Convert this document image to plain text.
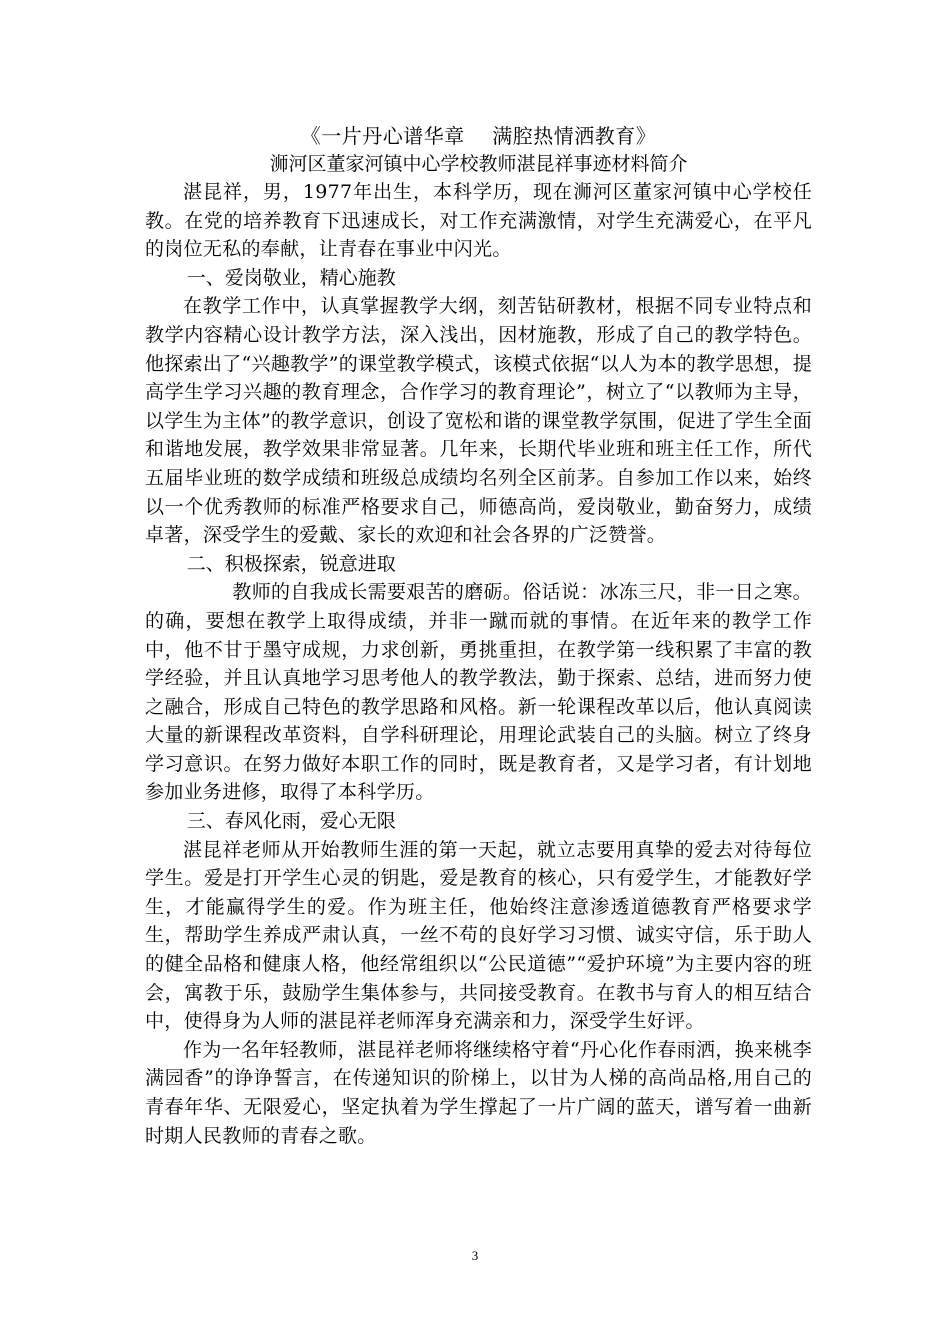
《一片丹心谱华章    满腔热情洒教育》

浉河区董家河镇中心学校教师湛昆祥事迹材料简介

湛昆祥，男，1977年出生，本科学历，现在浉河区董家河镇中心学校任教。在党的培养教育下迅速成长，对工作充满激情，对学生充满爱心，在平凡的岗位无私的奉献，让青春在事业中闪光。

一、爱岗敬业，精心施教

在教学工作中，认真掌握教学大纲，刻苦钻研教材，根据不同专业特点和教学内容精心设计教学方法，深入浅出，因材施教，形成了自己的教学特色。他探索出了“兴趣教学”的课堂教学模式，该模式依据“以人为本的教学思想，提高学生学习兴趣的教育理念，合作学习的教育理论”，树立了“以教师为主导，以学生为主体”的教学意识，创设了宽松和谐的课堂教学氛围，促进了学生全面和谐地发展，教学效果非常显著。几年来，长期代毕业班和班主任工作，所代五届毕业班的数学成绩和班级总成绩均名列全区前茅。自参加工作以来，始终以一个优秀教师的标准严格要求自己，师德高尚，爱岗敬业，勤奋努力，成绩卓著，深受学生的爱戴、家长的欢迎和社会各界的广泛赞誉。

二、积极探索，锐意进取

教师的自我成长需要艰苦的磨砺。俗话说：冰冻三尺，非一日之寒。的确，要想在教学上取得成绩，并非一蹴而就的事情。在近年来的教学工作中，他不甘于墨守成规，力求创新，勇挑重担，在教学第一线积累了丰富的教学经验，并且认真地学习思考他人的教学教法，勤于探索、总结，进而努力使之融合，形成自己特色的教学思路和风格。新一轮课程改革以后，他认真阅读大量的新课程改革资料，自学科研理论，用理论武装自己的头脑。树立了终身学习意识。在努力做好本职工作的同时，既是教育者，又是学习者，有计划地参加业务进修，取得了本科学历。

三、春风化雨，爱心无限

湛昆祥老师从开始教师生涯的第一天起，就立志要用真挚的爱去对待每位学生。爱是打开学生心灵的钥匙，爱是教育的核心，只有爱学生，才能教好学生，才能赢得学生的爱。作为班主任，他始终注意渗透道德教育严格要求学生，帮助学生养成严肃认真，一丝不苟的良好学习习惯、诚实守信，乐于助人的健全品格和健康人格，他经常组织以“公民道德”“爱护环境”为主要内容的班会，寓教于乐，鼓励学生集体参与，共同接受教育。在教书与育人的相互结合中，使得身为人师的湛昆祥老师浑身充满亲和力，深受学生好评。

作为一名年轻教师，湛昆祥老师将继续格守着“丹心化作春雨洒，换来桃李满园香”的诤诤誓言，在传递知识的阶梯上，以甘为人梯的高尚品格,用自己的青春年华、无限爱心，坚定执着为学生撑起了一片广阔的蓝天，谱写着一曲新时期人民教师的青春之歌。

3
